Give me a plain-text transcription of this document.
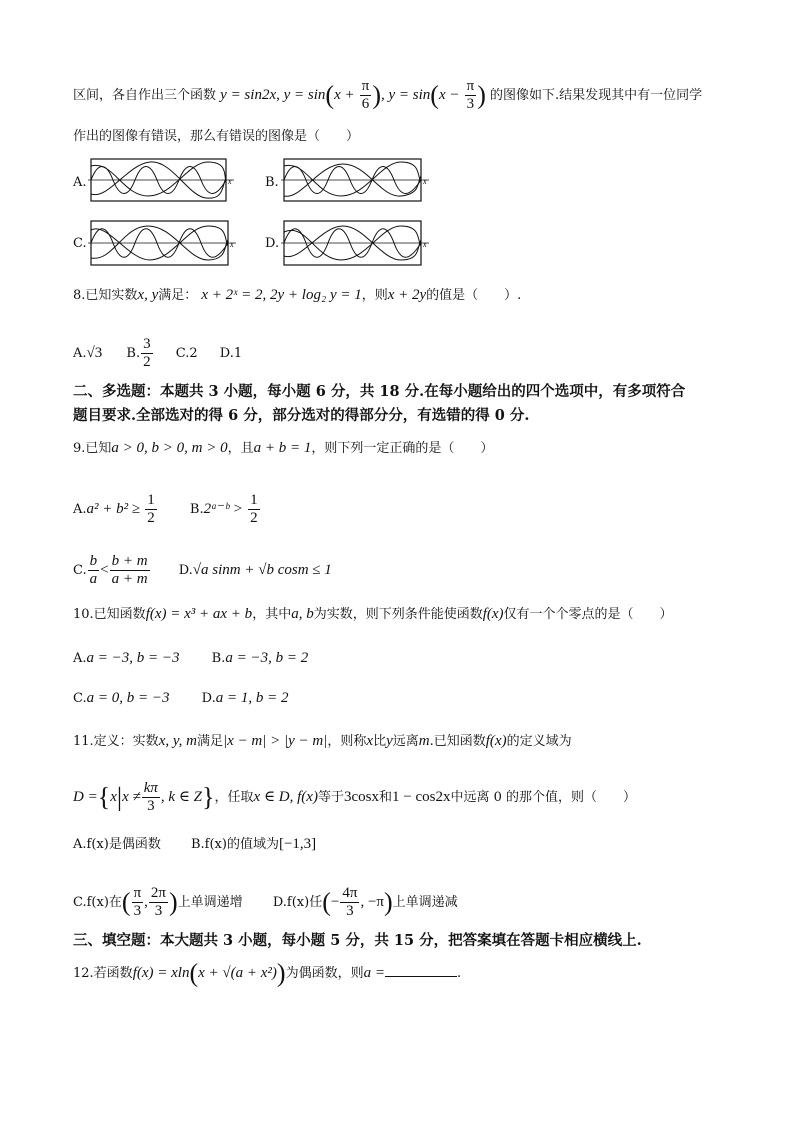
区间，各自作出三个函数 y = sin2x, $y = \sin(x + \frac{\pi}{6}$ ), $y = \sin(x - \frac{\pi}{3}$ ) 的图像如下.结果发现其中有一位同学
作出的图像有错误，那么有错误的图像是（　　）
A.	x	B.	x
C.	x D.	x
8.已知实数x, y满足： x + 2ˣ = 2, 2y + log₂ y = 1，则x + 2y的值是（　　）.
A.√3 B. $\frac{3}{2} C.2$ D.1
二、多选题：本题共 3 小题，每小题 6 分，共 18 分.在每小题给出的四个选项中，有多项符合
题目要求.全部选对的得 6 分，部分选对的得部分分，有选错的得 0 分.
9.已知a > 0, b > 0, m > 0，且a + b = 1，则下列一定正确的是（　　）
$A.a^2 + b^2 \ge \frac{1}{2}$	B.2ᵃ⁻ᵇ > $\frac{1}{2}$
C. $\frac{b}{a} < \frac{b + m}{a + m} D.√a$ sinm + √b cosm ≤ 1
10.已知函数f(x) = x³ + ax + b，其中a, b为实数，则下列条件能使函数f(x)仅有一个个零点的是（　　）
A.a = −3, b = −3 B.a = −3, b = 2
C.a = 0, b = −3 D.a = 1, b = 2
11.定义：实数x, y, m满足|x − m| > |y − m|，则称x比y远离m.已知函数f(x)的定义域为
$D =\{x|x \ne \frac{k\pi}{3}$ , k ∈ Z}，任取x ∈ D, f(x)等于3cosx和1 − cos2x中远离 0 的那个值，则（　　）
A.f(x)是偶函数 B.f(x)的值域为[−1,3]
C.f(x)在( $\frac{\pi}{3}$ , $\frac{2\pi}{3}$ )上单调递增 D.f(x)任(− $\frac{4\pi}{3}$ , −π)上单调递减
三、填空题：本大题共 3 小题，每小题 5 分，共 15 分，把答案填在答题卡相应横线上.
12.若函数f(x) = xln(x + √(a + x²))为偶函数，则a =	.
